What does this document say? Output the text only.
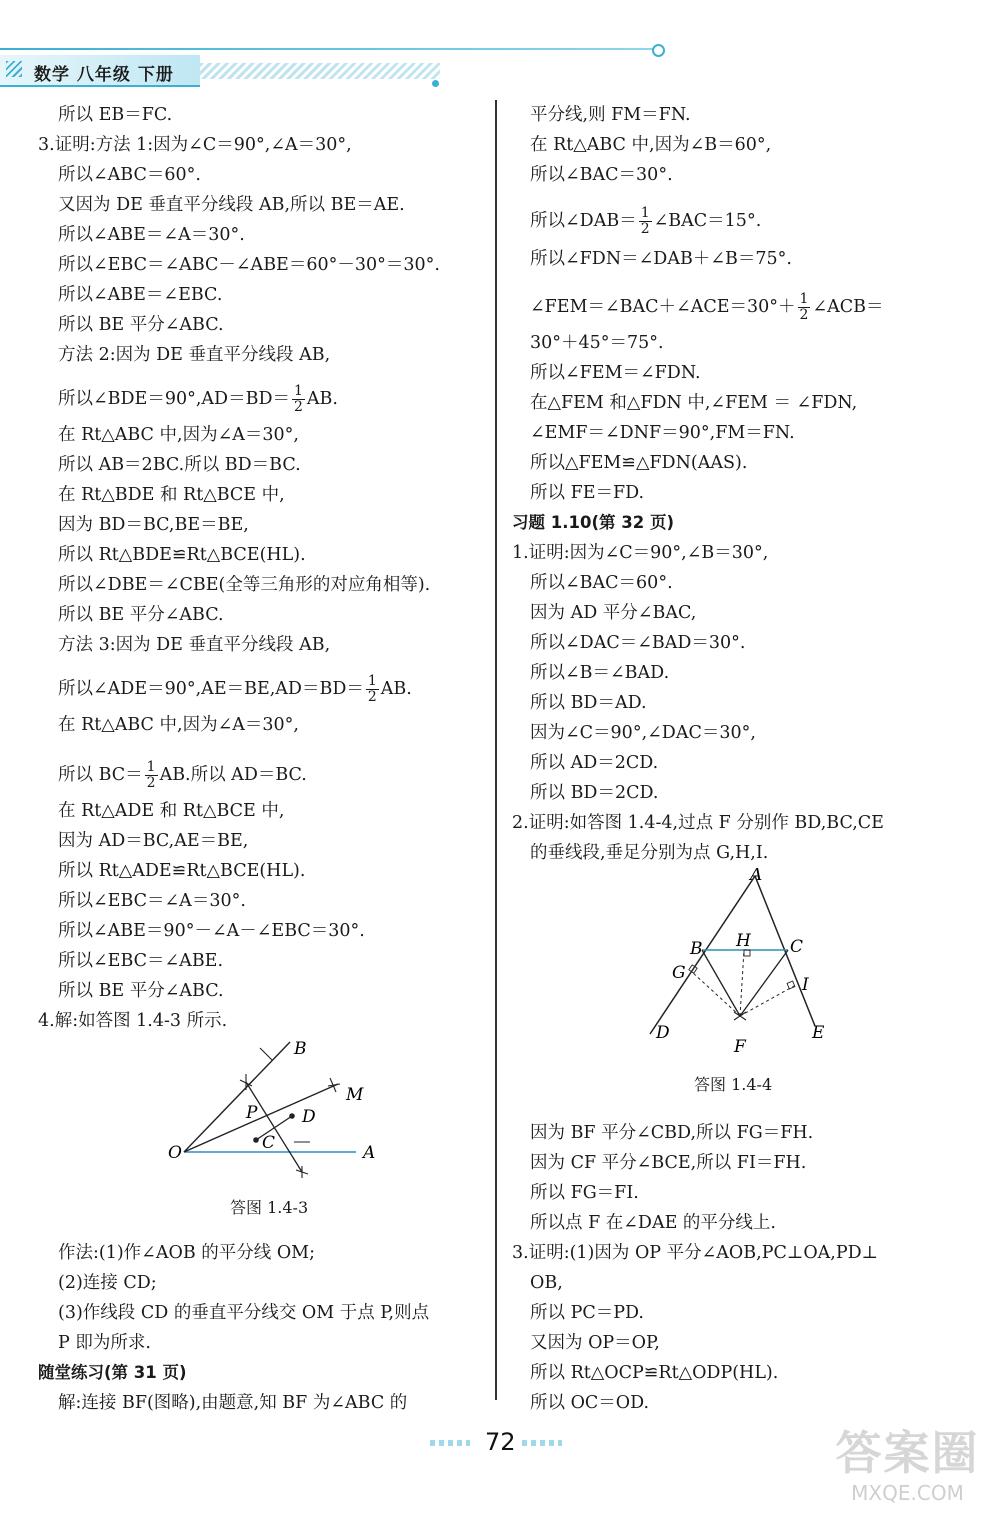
数学 八年级 下册
所以 EB＝FC.
3.证明:方法 1:因为∠C＝90°,∠A＝30°,
所以∠ABC＝60°.
又因为 DE 垂直平分线段 AB,所以 BE＝AE.
所以∠ABE＝∠A＝30°.
所以∠EBC＝∠ABC－∠ABE＝60°－30°＝30°.
所以∠ABE＝∠EBC.
所以 BE 平分∠ABC.
方法 2:因为 DE 垂直平分线段 AB,
所以∠BDE＝90°,AD＝BD＝ $\frac{1}{2}$ AB.
在 Rt△ABC 中,因为∠A＝30°,
所以 AB＝2BC.所以 BD＝BC.
在 Rt△BDE 和 Rt△BCE 中,
因为 BD＝BC,BE＝BE,
所以 Rt△BDE≌Rt△BCE(HL).
所以∠DBE＝∠CBE(全等三角形的对应角相等).
所以 BE 平分∠ABC.
方法 3:因为 DE 垂直平分线段 AB,
所以∠ADE＝90°,AE＝BE,AD＝BD＝ $\frac{1}{2}$ AB.
在 Rt△ABC 中,因为∠A＝30°,
所以 $BC= \frac{1}{2}$ AB.所以 AD＝BC.
在 Rt△ADE 和 Rt△BCE 中,
因为 AD＝BC,AE＝BE,
所以 Rt△ADE≌Rt△BCE(HL).
所以∠EBC＝∠A＝30°.
所以∠ABE＝90°－∠A－∠EBC＝30°.
所以∠EBC＝∠ABE.
所以 BE 平分∠ABC.
4.解:如答图 1.4-3 所示.
作法:(1)作∠AOB 的平分线 OM;
(2)连接 CD;
(3)作线段 CD 的垂直平分线交 OM 于点 P,则点
P 即为所求.
随堂练习(第 31 页)
解:连接 BF(图略),由题意,知 BF 为∠ABC 的
平分线,则 FM＝FN.
在 Rt△ABC 中,因为∠B＝60°,
所以∠BAC＝30°.
所以∠DAB＝ $\frac{1}{2}$ ∠BAC＝15°.
所以∠FDN＝∠DAB＋∠B＝75°.
∠FEM＝∠BAC＋∠ACE＝30°＋ $\frac{1}{2}$ ∠ACB＝
30°＋45°＝75°.
所以∠FEM＝∠FDN.
在△FEM 和△FDN 中,∠FEM ＝ ∠FDN,
∠EMF＝∠DNF＝90°,FM＝FN.
所以△FEM≌△FDN(AAS).
所以 FE＝FD.
习题 1.10(第 32 页)
1.证明:因为∠C＝90°,∠B＝30°,
所以∠BAC＝60°.
因为 AD 平分∠BAC,
所以∠DAC＝∠BAD＝30°.
所以∠B＝∠BAD.
所以 BD＝AD.
因为∠C＝90°,∠DAC＝30°,
所以 AD＝2CD.
所以 BD＝2CD.
2.证明:如答图 1.4-4,过点 F 分别作 BD,BC,CE
的垂线段,垂足分别为点 G,H,I.
因为 BF 平分∠CBD,所以 FG＝FH.
因为 CF 平分∠BCE,所以 FI＝FH.
所以 FG＝FI.
所以点 F 在∠DAE 的平分线上.
3.证明:(1)因为 OP 平分∠AOB,PC⊥OA,PD⊥
OB,
所以 PC＝PD.
又因为 OP＝OP,
所以 Rt△OCP≌Rt△ODP(HL).
所以 OC＝OD.
O	A
B
M
P
C
D
答图 1.4-3
A
B	C
H
G
I
D	E
F
答图 1.4-4
72	答案圈
MXQE.COM
